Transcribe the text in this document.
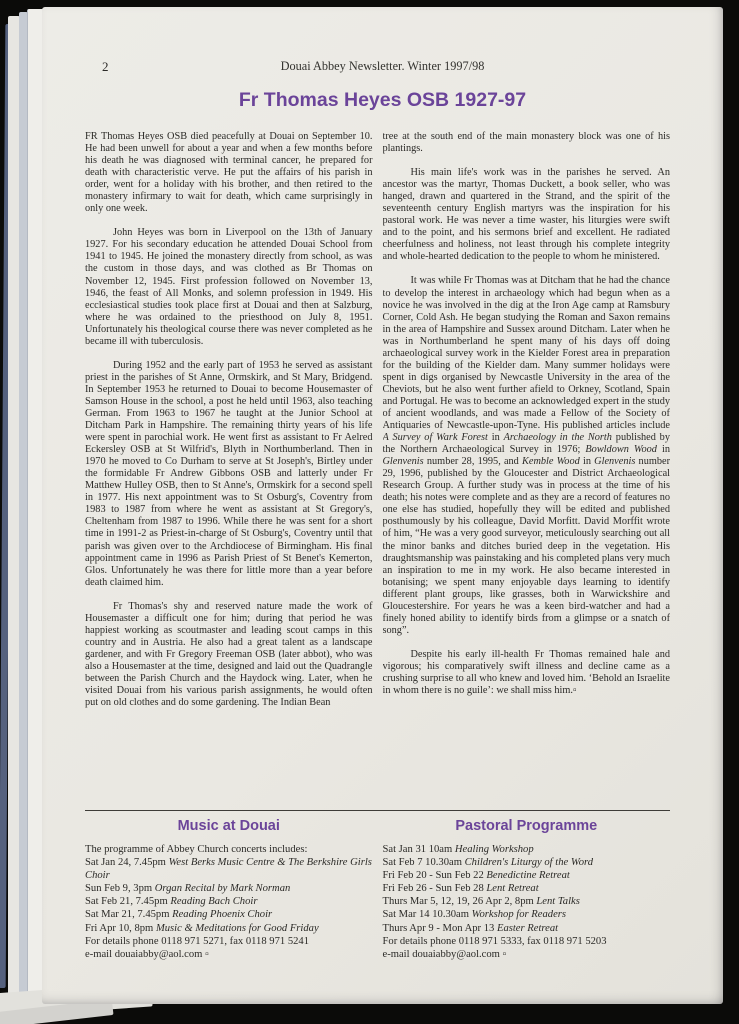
2	Douai Abbey Newsletter. Winter 1997/98
Fr Thomas Heyes OSB 1927-97

FR Thomas Heyes OSB died peacefully at Douai on September 10. He had been unwell for about a year and when a few months before his death he was diagnosed with terminal cancer, he prepared for death with characteristic verve. He put the affairs of his parish in order, went for a holiday with his brother, and then retired to the monastery infirmary to wait for death, which came surprisingly in only one week.

John Heyes was born in Liverpool on the 13th of January 1927. For his secondary education he attended Douai School from 1941 to 1945. He joined the monastery directly from school, as was the custom in those days, and was clothed as Br Thomas on November 12, 1945. First profession followed on November 13, 1946, the feast of All Monks, and solemn profession in 1949. His ecclesiastical studies took place first at Douai and then at Salzburg, where he was ordained to the priesthood on July 8, 1951. Unfortunately his theological course there was never completed as he became ill with tuberculosis.

During 1952 and the early part of 1953 he served as assistant priest in the parishes of St Anne, Ormskirk, and St Mary, Bridgend. In September 1953 he returned to Douai to become Housemaster of Samson House in the school, a post he held until 1963, also teaching German. From 1963 to 1967 he taught at the Junior School at Ditcham Park in Hampshire. The remaining thirty years of his life were spent in parochial work. He went first as assistant to Fr Aelred Eckersley OSB at St Wilfrid's, Blyth in Northumberland. Then in 1970 he moved to Co Durham to serve at St Joseph's, Birtley under the formidable Fr Andrew Gibbons OSB and latterly under Fr Matthew Hulley OSB, then to St Anne's, Ormskirk for a second spell in 1977. His next appointment was to St Osburg's, Coventry from 1983 to 1987 from where he went as assistant at St Gregory's, Cheltenham from 1987 to 1996. While there he was sent for a short time in 1991-2 as Priest-in-charge of St Osburg's, Coventry until that parish was given over to the Archdiocese of Birmingham. His final appointment came in 1996 as Parish Priest of St Benet's Kemerton, Glos. Unfortunately he was there for little more than a year before death claimed him.

Fr Thomas's shy and reserved nature made the work of Housemaster a difficult one for him; during that period he was happiest working as scoutmaster and leading scout camps in this country and in Austria. He also had a great talent as a landscape gardener, and with Fr Gregory Freeman OSB (later abbot), who was also a Housemaster at the time, designed and laid out the Quadrangle between the Parish Church and the Haydock wing. Later, when he visited Douai from his various parish assignments, he would often put on old clothes and do some gardening. The Indian Bean

tree at the south end of the main monastery block was one of his plantings.

His main life's work was in the parishes he served. An ancestor was the martyr, Thomas Duckett, a book seller, who was hanged, drawn and quartered in the Strand, and the spirit of the seventeenth century English martyrs was the inspiration for his pastoral work. He was never a time waster, his liturgies were swift and to the point, and his sermons brief and excellent. He radiated cheerfulness and holiness, not least through his complete integrity and whole-hearted dedication to the people to whom he ministered.

It was while Fr Thomas was at Ditcham that he had the chance to develop the interest in archaeology which had begun when as a novice he was involved in the dig at the Iron Age camp at Ramsbury Corner, Cold Ash. He began studying the Roman and Saxon remains in the area of Hampshire and Sussex around Ditcham. Later when he was in Northumberland he spent many of his days off doing archaeological survey work in the Kielder Forest area in preparation for the building of the Kielder dam. Many summer holidays were spent in digs organised by Newcastle University in the area of the Cheviots, but he also went further afield to Orkney, Scotland, Spain and Portugal. He was to become an acknowledged expert in the study of ancient woodlands, and was made a Fellow of the Society of Antiquaries of Newcastle-upon-Tyne. His published articles include A Survey of Wark Forest in Archaeology in the North published by the Northern Archaeological Survey in 1976; Bowldown Wood in Glenvenis number 28, 1995, and Kemble Wood in Glenvenis number 29, 1996, published by the Gloucester and District Archaeological Research Group. A further study was in process at the time of his death; his notes were complete and as they are a record of features no one else has studied, hopefully they will be edited and published posthumously by his colleague, David Morfitt. David Morffit wrote of him, “He was a very good surveyor, meticulously searching out all the minor banks and ditches buried deep in the vegetation. His draughtsmanship was painstaking and his completed plans very much an inspiration to me in my work. He also became interested in botanising; we spent many enjoyable days learning to identify different plant groups, like grasses, both in Warwickshire and Gloucestershire. For years he was a keen bird-watcher and had a finely honed ability to identify birds from a glimpse or a snatch of song”.

Despite his early ill-health Fr Thomas remained hale and vigorous; his comparatively swift illness and decline came as a crushing surprise to all who knew and loved him. ‘Behold an Israelite in whom there is no guile’: we shall miss him.▫

Music at Douai
The programme of Abbey Church concerts includes:
Sat Jan 24, 7.45pm West Berks Music Centre & The Berkshire Girls Choir
Sun Feb 9, 3pm Organ Recital by Mark Norman
Sat Feb 21, 7.45pm Reading Bach Choir
Sat Mar 21, 7.45pm Reading Phoenix Choir
Fri Apr 10, 8pm Music & Meditations for Good Friday
For details phone 0118 971 5271, fax 0118 971 5241
e-mail douaiabby@aol.com ▫
Pastoral Programme
Sat Jan 31 10am Healing Workshop
Sat Feb 7 10.30am Children's Liturgy of the Word
Fri Feb 20 - Sun Feb 22 Benedictine Retreat
Fri Feb 26 - Sun Feb 28 Lent Retreat
Thurs Mar 5, 12, 19, 26 Apr 2, 8pm Lent Talks
Sat Mar 14 10.30am Workshop for Readers
Thurs Apr 9 - Mon Apr 13 Easter Retreat
For details phone 0118 971 5333, fax 0118 971 5203
e-mail douaiabby@aol.com ▫
